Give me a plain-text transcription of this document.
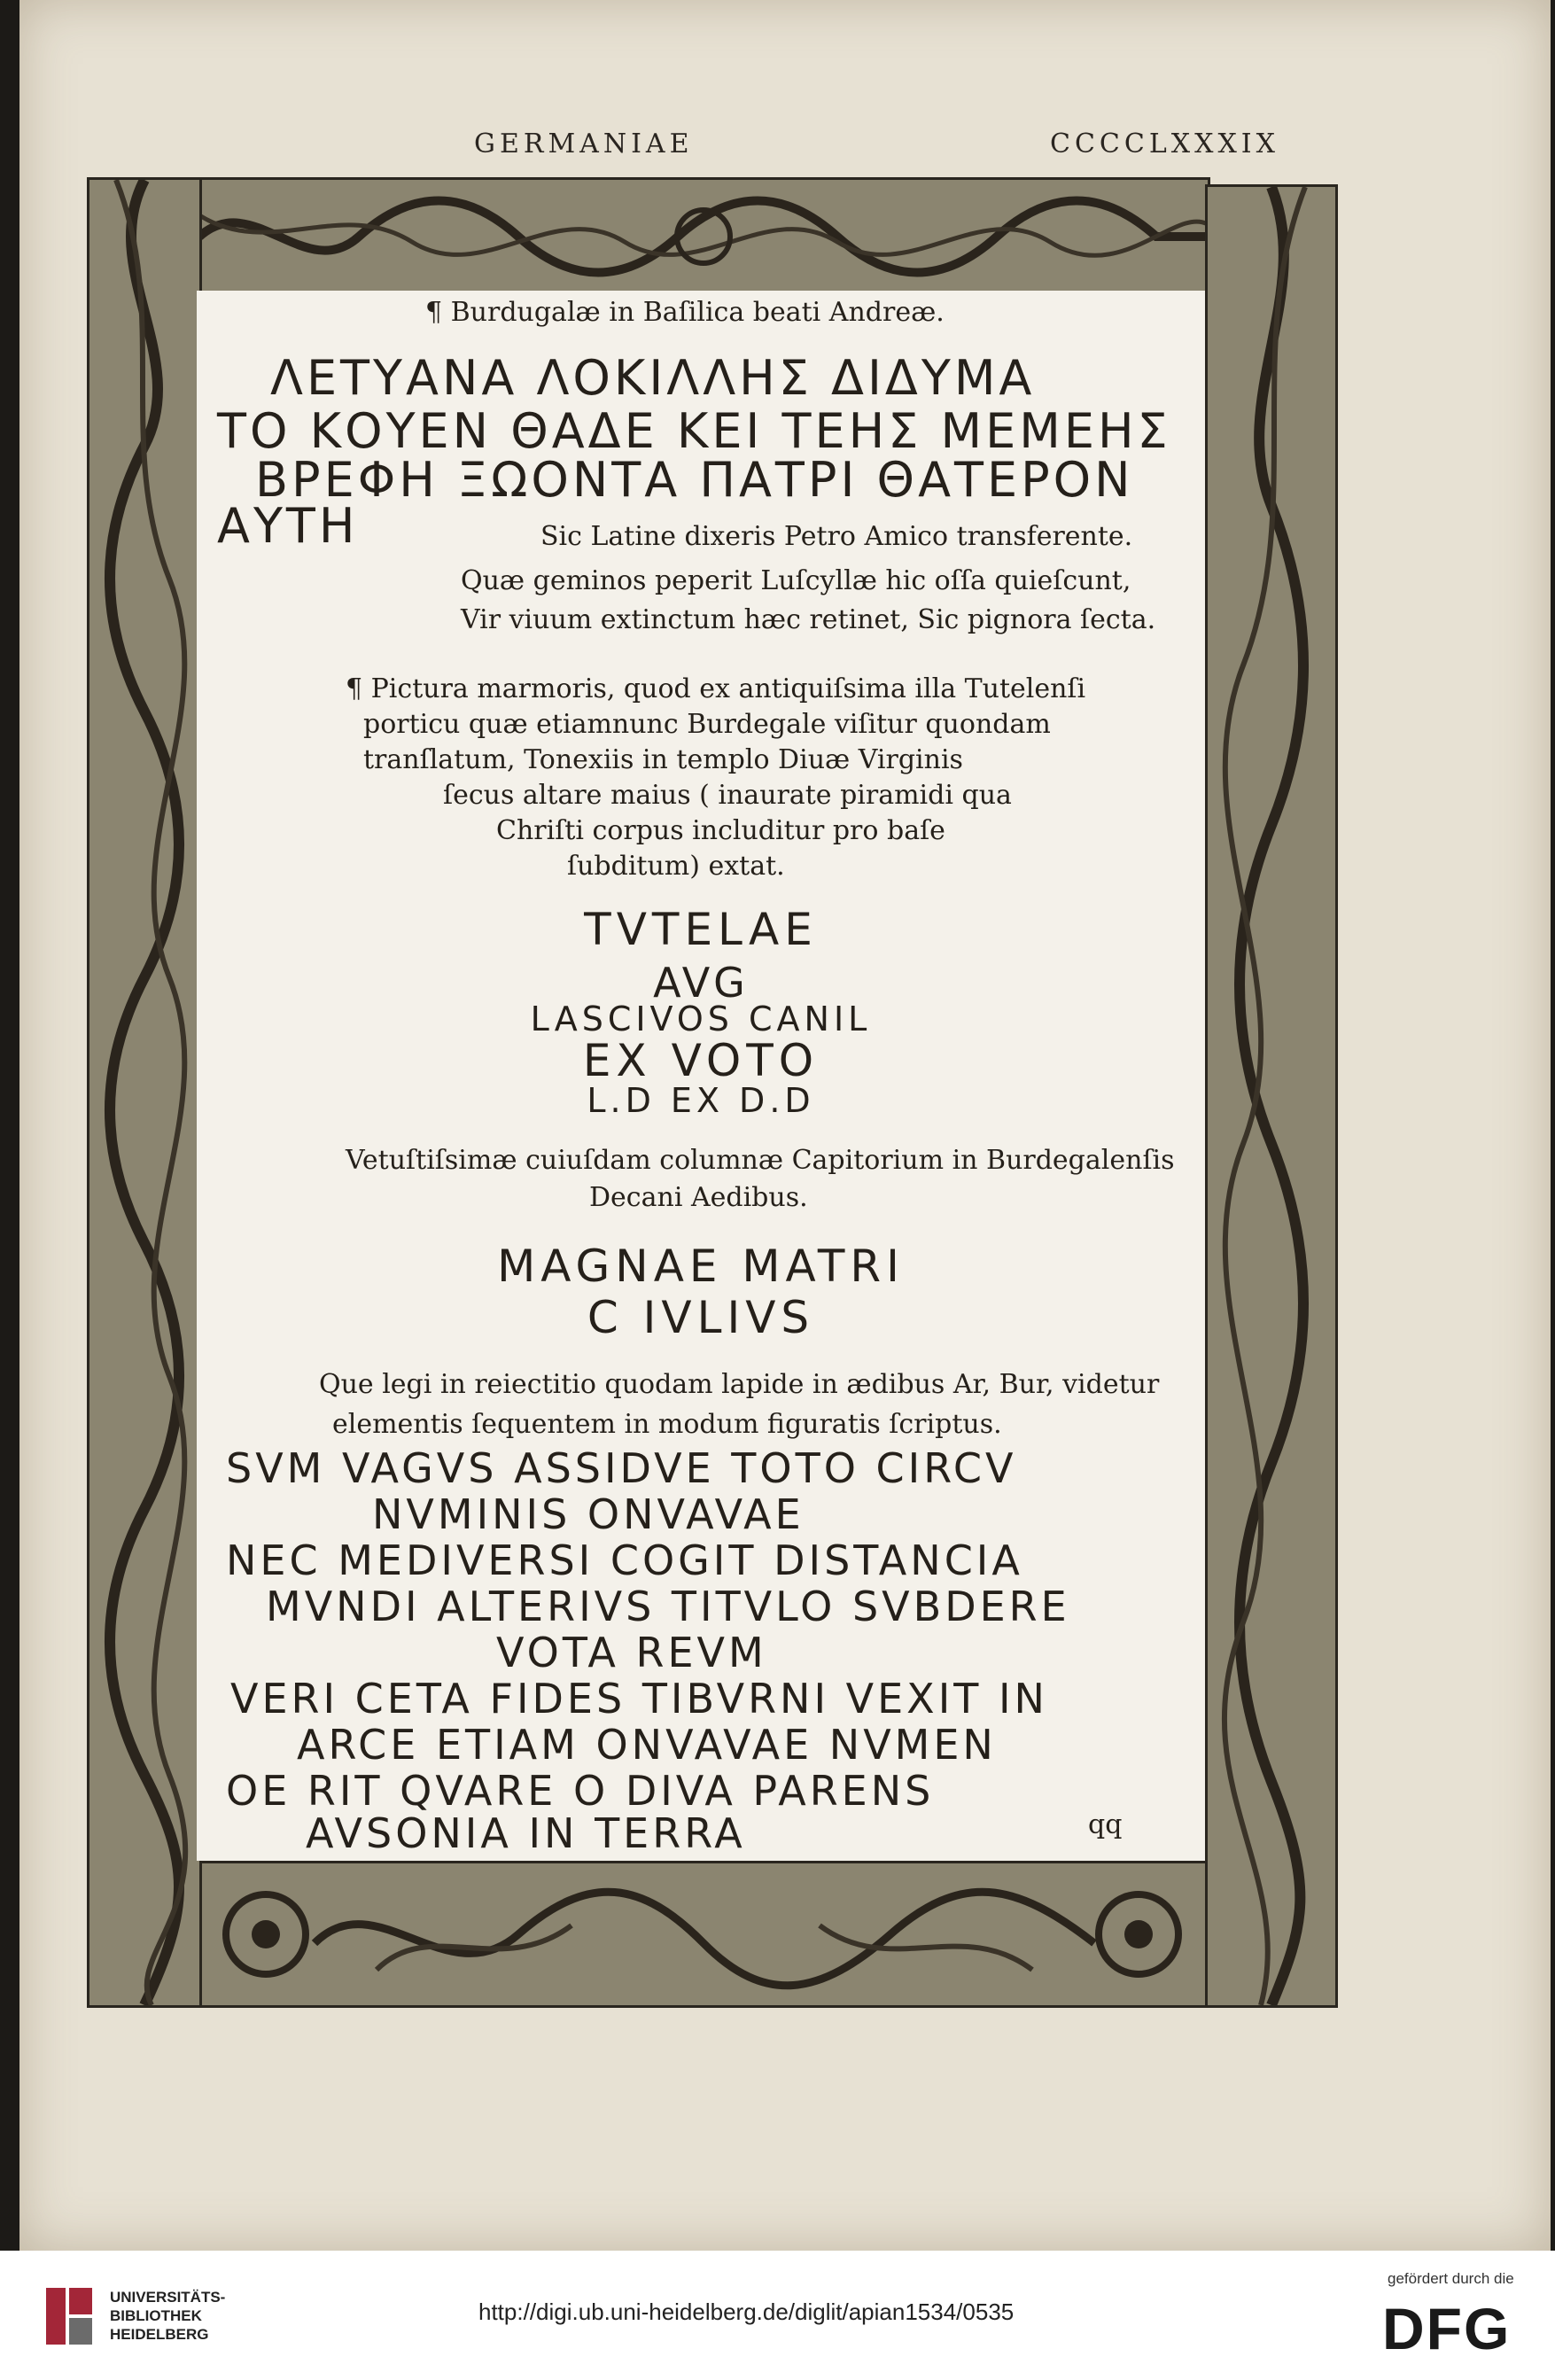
GERMANIAE	CCCCLXXXIX
¶ Burdugalæ in Baſilica beati Andreæ.
ΛΕΤΥΑΝΑ ΛΟΚΙΛΛΗΣ ΔΙΔΥΜΑ
ΤΟ ΚΟΥΕΝ ΘΑΔΕ ΚΕΙ ΤΕΗΣ ΜΕΜΕΗΣ
ΒΡΕΦΗ ΞΩΟΝΤΑ ΠΑΤΡΙ ΘΑΤΕΡΟΝ
ΑΥΤΗ	Sic Latine dixeris Petro Amico transferente.
Quæ geminos peperit Luſcyllæ hic oſſa quieſcunt,
Vir viuum extinctum hæc retinet, Sic pignora ſecta.
¶ Pictura marmoris, quod ex antiquiſsima illa Tutelenſi
porticu quæ etiamnunc Burdegale viſitur quondam
tranſlatum, Tonexiis in templo Diuæ Virginis
ſecus altare maius ( inaurate piramidi qua
Chriſti corpus includitur pro baſe
ſubditum) extat.
TVTELAE
AVG
LASCIVOS CANIL
EX VOTO
L.D EX D.D
Vetuſtiſsimæ cuiuſdam columnæ Capitorium in Burdegalenſis
Decani Aedibus.
MAGNAE MATRI
C IVLIVS
Que legi in reiectitio quodam lapide in ædibus Ar, Bur, videtur
elementis ſequentem in modum figuratis ſcriptus.
SVM VAGVS ASSIDVE TOTO CIRCV
NVMINIS ONVAVAE
NEC MEDIVERSI COGIT DISTANCIA
MVNDI ALTERIVS TITVLO SVBDERE
VOTA REVM
VERI CETA FIDES TIBVRNI VEXIT IN
ARCE ETIAM ONVAVAE NVMEN
OE RIT QVARE O DIVA PARENS
AVSONIA IN TERRA	qq
UNIVERSITÄTS-
BIBLIOTHEK
HEIDELBERG
http://digi.ub.uni-heidelberg.de/diglit/apian1534/0535
gefördert durch die
DFG
